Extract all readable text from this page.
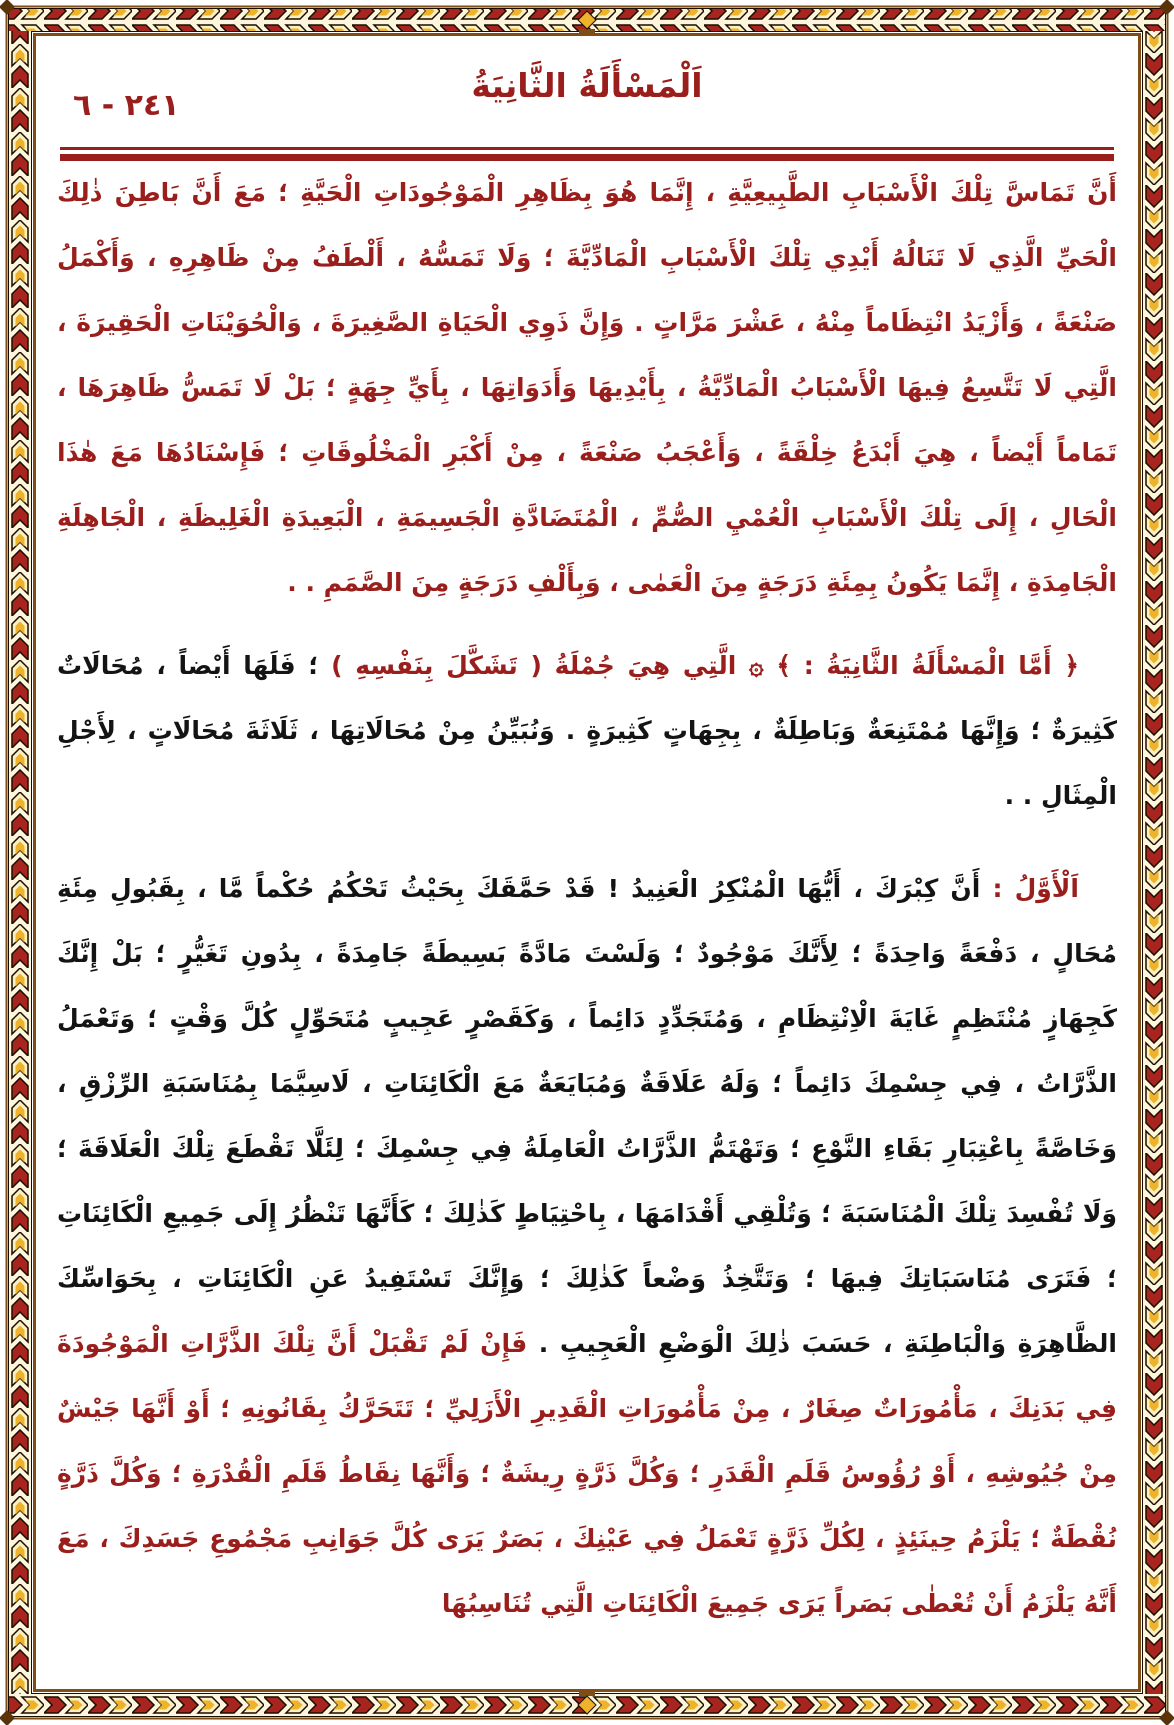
٢٤١ - ٦
اَلْمَسْأَلَةُ الثَّانِيَةُ

أَنَّ تَمَاسَّ تِلْكَ الْأَسْبَابِ الطَّبِيعِيَّةِ ، إِنَّمَا هُوَ بِظَاهِرِ الْمَوْجُودَاتِ الْحَيَّةِ ؛ مَعَ أَنَّ بَاطِنَ ذٰلِكَ الْحَيِّ الَّذِي لَا تَنَالُهُ أَيْدِي تِلْكَ الْأَسْبَابِ الْمَادِّيَّةَ ؛ وَلَا تَمَسُّهُ ، أَلْطَفُ مِنْ ظَاهِرِهِ ، وَأَكْمَلُ صَنْعَةً ، وَأَزْيَدُ انْتِظَاماً مِنْهُ ، عَشْرَ مَرَّاتٍ . وَإِنَّ ذَوِي الْحَيَاةِ الصَّغِيرَةَ ، وَالْحُوَيْنَاتِ الْحَقِيرَةَ ، الَّتِي لَا تَتَّسِعُ فِيهَا الْأَسْبَابُ الْمَادِّيَّةُ ، بِأَيْدِيهَا وَأَدَوَاتِهَا ، بِأَيِّ جِهَةٍ ؛ بَلْ لَا تَمَسُّ ظَاهِرَهَا ، تَمَاماً أَيْضاً ، هِيَ أَبْدَعُ خِلْقَةً ، وَأَعْجَبُ صَنْعَةً ، مِنْ أَكْبَرِ الْمَخْلُوقَاتِ ؛ فَإِسْنَادُهَا مَعَ هٰذَا الْحَالِ ، إِلَى تِلْكَ الْأَسْبَابِ الْعُمْيِ الصُّمِّ ، الْمُتَضَادَّةِ الْجَسِيمَةِ ، الْبَعِيدَةِ الْغَلِيظَةِ ، الْجَاهِلَةِ الْجَامِدَةِ ، إِنَّمَا يَكُونُ بِمِئَةِ دَرَجَةٍ مِنَ الْعَمٰى ، وَبِأَلْفِ دَرَجَةٍ مِنَ الصَّمَمِ . .

﴿ أَمَّا الْمَسْأَلَةُ الثَّانِيَةُ : ﴾ ۞ الَّتِي هِيَ جُمْلَةُ ( تَشَكَّلَ بِنَفْسِهِ ) ؛ فَلَهَا أَيْضاً ، مُحَالَاتٌ كَثِيرَةٌ ؛ وَإِنَّهَا مُمْتَنِعَةٌ وَبَاطِلَةٌ ، بِجِهَاتٍ كَثِيرَةٍ . وَنُبَيِّنُ مِنْ مُحَالَاتِهَا ، ثَلَاثَةَ مُحَالَاتٍ ، لِأَجْلِ الْمِثَالِ . .

اَلْأَوَّلُ : أَنَّ كِبْرَكَ ، أَيُّهَا الْمُنْكِرُ الْعَنِيدُ ! قَدْ حَمَّقَكَ بِحَيْثُ تَحْكُمُ حُكْماً مَّا ، بِقَبُولِ مِئَةِ مُحَالٍ ، دَفْعَةً وَاحِدَةً ؛ لِأَنَّكَ مَوْجُودٌ ؛ وَلَسْتَ مَادَّةً بَسِيطَةً جَامِدَةً ، بِدُونِ تَغَيُّرٍ ؛ بَلْ إِنَّكَ كَجِهَازٍ مُنْتَظِمٍ غَايَةَ الْاِنْتِظَامِ ، وَمُتَجَدِّدٍ دَائِماً ، وَكَقَصْرٍ عَجِيبٍ مُتَحَوِّلٍ كُلَّ وَقْتٍ ؛ وَتَعْمَلُ الذَّرَّاتُ ، فِي جِسْمِكَ دَائِماً ؛ وَلَهُ عَلَاقَةٌ وَمُبَايَعَةٌ مَعَ الْكَائِنَاتِ ، لَاسِيَّمَا بِمُنَاسَبَةِ الرِّزْقِ ، وَخَاصَّةً بِاعْتِبَارِ بَقَاءِ النَّوْعِ ؛ وَتَهْتَمُّ الذَّرَّاتُ الْعَامِلَةُ فِي جِسْمِكَ ؛ لِئَلَّا تَقْطَعَ تِلْكَ الْعَلَاقَةَ ؛ وَلَا تُفْسِدَ تِلْكَ الْمُنَاسَبَةَ ؛ وَتُلْقِي أَقْدَامَهَا ، بِاحْتِيَاطٍ كَذٰلِكَ ؛ كَأَنَّهَا تَنْظُرُ إِلَى جَمِيعِ الْكَائِنَاتِ ؛ فَتَرَى مُنَاسَبَاتِكَ فِيهَا ؛ وَتَتَّخِذُ وَضْعاً كَذٰلِكَ ؛ وَإِنَّكَ تَسْتَفِيدُ عَنِ الْكَائِنَاتِ ، بِحَوَاسِّكَ الظَّاهِرَةِ وَالْبَاطِنَةِ ، حَسَبَ ذٰلِكَ الْوَضْعِ الْعَجِيبِ . فَإِنْ لَمْ تَقْبَلْ أَنَّ تِلْكَ الذَّرَّاتِ الْمَوْجُودَةَ فِي بَدَنِكَ ، مَأْمُورَاتٌ صِغَارٌ ، مِنْ مَأْمُورَاتِ الْقَدِيرِ الْأَزَلِيِّ ؛ تَتَحَرَّكُ بِقَانُونِهِ ؛ أَوْ أَنَّهَا جَيْشٌ مِنْ جُيُوشِهِ ، أَوْ رُؤُوسُ قَلَمِ الْقَدَرِ ؛ وَكُلَّ ذَرَّةٍ رِيشَةٌ ؛ وَأَنَّهَا نِقَاطُ قَلَمِ الْقُدْرَةِ ؛ وَكُلَّ ذَرَّةٍ نُقْطَةٌ ؛ يَلْزَمُ حِينَئِذٍ ، لِكُلِّ ذَرَّةٍ تَعْمَلُ فِي عَيْنِكَ ، بَصَرٌ يَرَى كُلَّ جَوَانِبِ مَجْمُوعِ جَسَدِكَ ، مَعَ أَنَّهُ يَلْزَمُ أَنْ تُعْطٰى بَصَراً يَرَى جَمِيعَ الْكَائِنَاتِ الَّتِي تُنَاسِبُهَا
